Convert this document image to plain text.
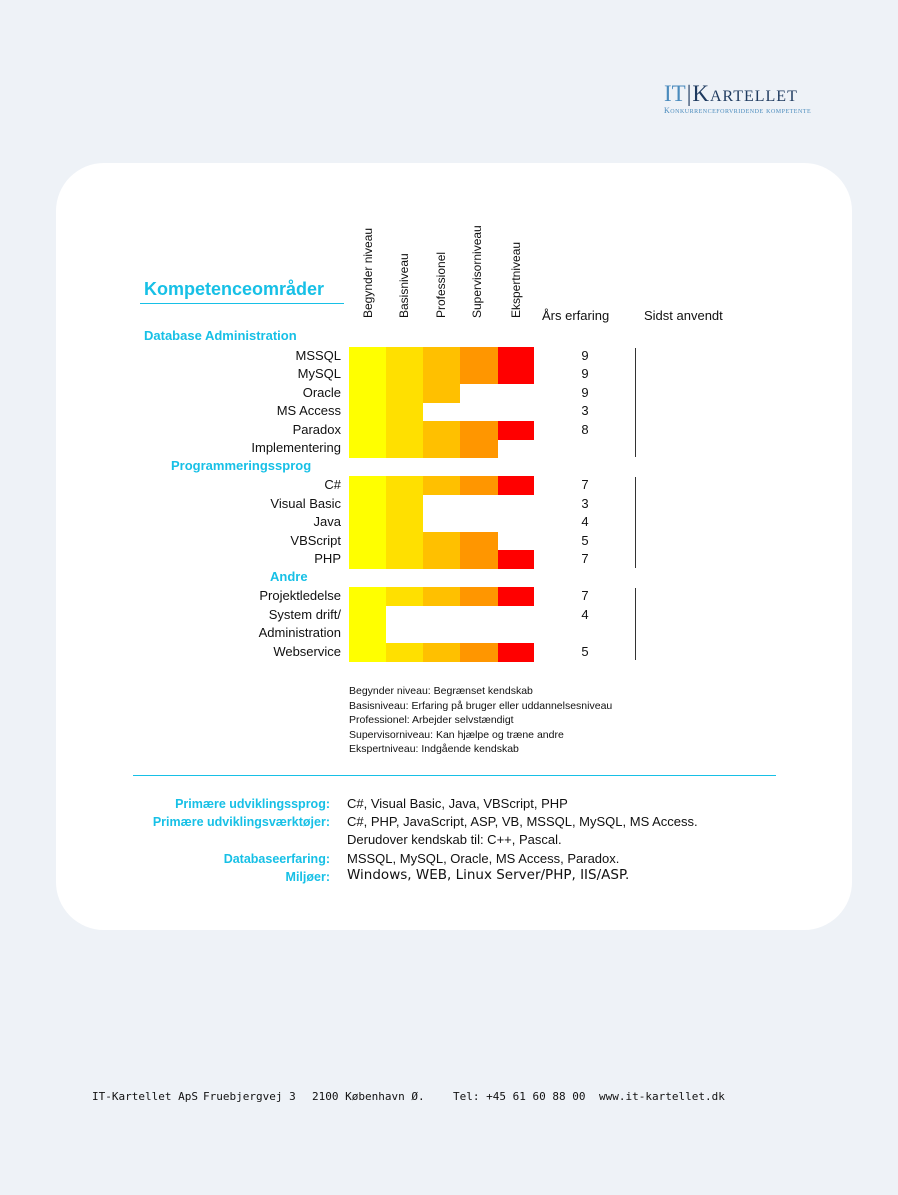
IT|Kartellet
Konkurrenceforvridende kompetente
Begynder niveau Basisniveau Professionel Supervisorniveau Ekspertniveau
Kompetenceområder
Års erfaring	Sidst anvendt
Database Administration
MSSQL	9
MySQL	9
Oracle	9
MS Access	3
Paradox	8
Implementering
Programmeringssprog
C#	7
Visual Basic	3
Java	4
VBScript	5
PHP	7
Andre
Projektledelse	7
System drift/	4
Administration
Webservice	5
Begynder niveau: Begrænset kendskab
Basisniveau: Erfaring på bruger eller uddannelsesniveau
Professionel: Arbejder selvstændigt
Supervisorniveau: Kan hjælpe og træne andre
Ekspertniveau: Indgående kendskab
Primære udviklingssprog: C#, Visual Basic, Java, VBScript, PHP
Primære udviklingsværktøjer: C#, PHP, JavaScript, ASP, VB, MSSQL, MySQL, MS Access.
Derudover kendskab til: C++, Pascal.
Databaseerfaring: MSSQL, MySQL, Oracle, MS Access, Paradox.
Miljøer: Windows, WEB, Linux Server/PHP, IIS/ASP.
IT-Kartellet ApS Fruebjergvej 3 2100 København Ø.	Tel: +45 61 60 88 00 www.it-kartellet.dk
